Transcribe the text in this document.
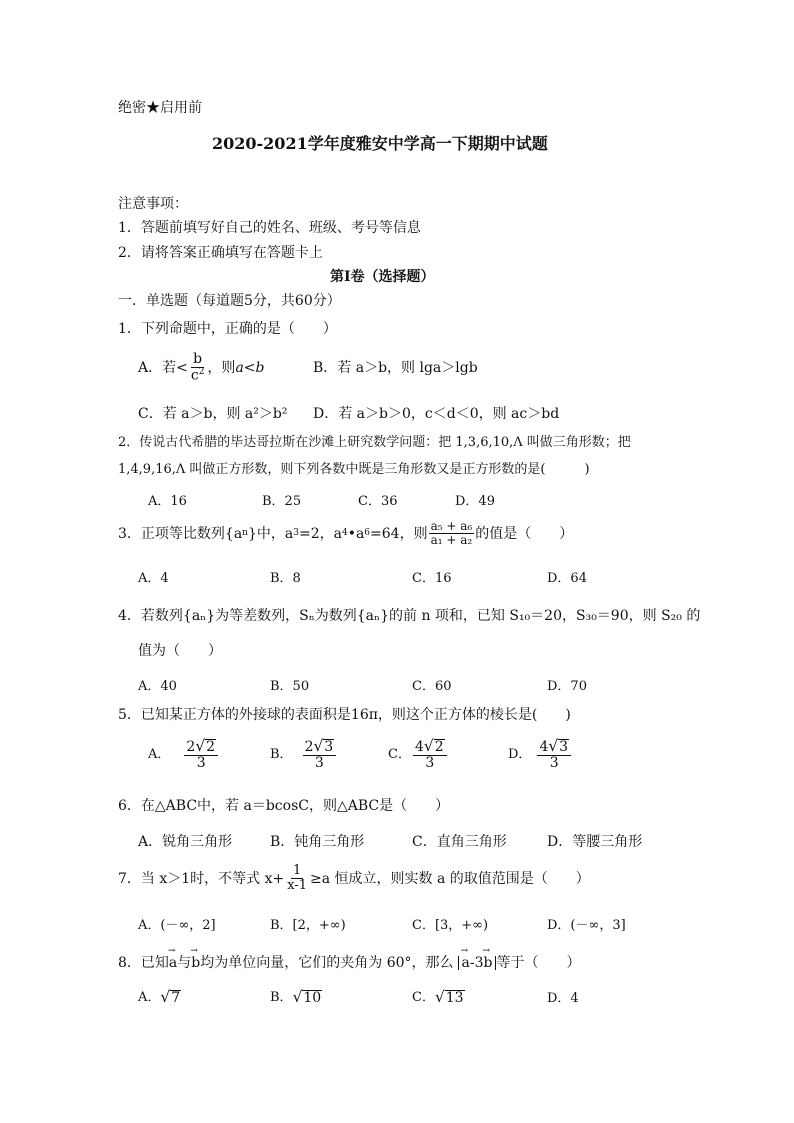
绝密★启用前
2020-2021学年度雅安中学高一下期期中试题
注意事项：
1．答题前填写好自己的姓名、班级、考号等信息
2．请将答案正确填写在答题卡上
第I卷（选择题）
一．单选题（每道题5分，共60分）
1．下列命题中，正确的是（　　）
A．若 < $\frac{b}{c^2}$ ，则 a < b	B．若 a＞b，则 lga＞lgb
C．若 a＞b，则 a²＞b² D．若 a＞b＞0，c＜d＜0，则 ac＞bd
2．传说古代希腊的毕达哥拉斯在沙滩上研究数学问题：把 1,3,6,10,Λ 叫做三角形数；把
1,4,9,16,Λ 叫做正方形数，则下列各数中既是三角形数又是正方形数的是(　　　)
A．16	B．25	C．36	D．49
3．正项等比数列{a n }中，a 3 =2，a 4 •a 6 =64，则 $\frac{\text{a₅ + a₆}}{\text{a₁ + a₂}}$ 的值是（　　）
A．4	B．8	C．16	D．64
4．若数列{aₙ}为等差数列，Sₙ为数列{aₙ}的前 n 项和，已知 S₁₀＝20，S₃₀＝90，则 S₂₀ 的
值为（　　）
A．40	B．50	C．60	D．70
5．已知某正方体的外接球的表面积是16π，则这个正方体的棱长是(　　)
A． $\frac{2 √ 2}{3}$	B． $\frac{2 √ 3}{3}$	C． $\frac{4 √ 2}{3}$	D． $\frac{4 √ 3}{3}$
6．在△ABC中，若 a＝bcosC，则△ABC是（　　）
A．锐角三角形	B．钝角三角形	C．直角三角形	D．等腰三角形
7．当 x＞1时，不等式 $x+ \frac{1}{x-1} \ge a$ 恒成立，则实数 a 的取值范围是（　　）
A．(－∞，2]	B．[2，+∞)	C．[3，+∞)	D．(－∞，3]
8．已知 → a 与 → b 均为单位向量，它们的夹角为 60°，那么 → a-3→ b 等于（　　）
A． √ 7	B． √ 10	C． √ 13	D．4
